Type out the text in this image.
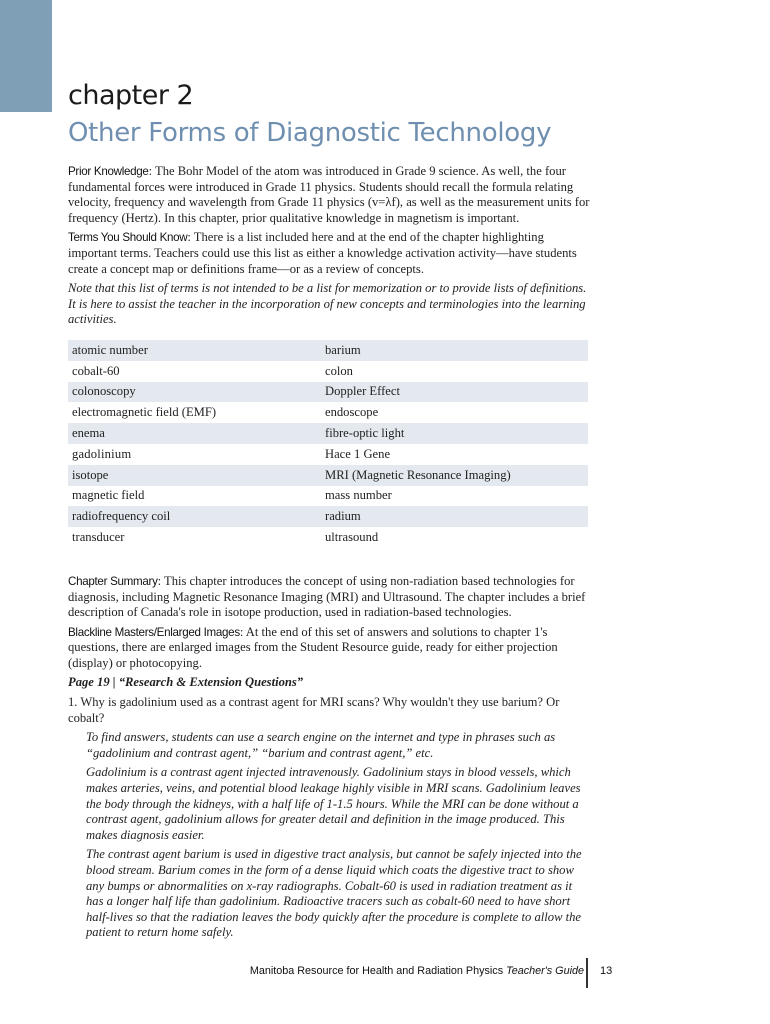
chapter 2
Other Forms of Diagnostic Technology

Prior Knowledge: The Bohr Model of the atom was introduced in Grade 9 science. As well, the four fundamental forces were introduced in Grade 11 physics. Students should recall the formula relating velocity, frequency and wavelength from Grade 11 physics (v=λf), as well as the measurement units for frequency (Hertz). In this chapter, prior qualitative knowledge in magnetism is important.

Terms You Should Know: There is a list included here and at the end of the chapter highlighting important terms. Teachers could use this list as either a knowledge activation activity—have students create a concept map or definitions frame—or as a review of concepts.

Note that this list of terms is not intended to be a list for memorization or to provide lists of definitions. It is here to assist the teacher in the incorporation of new concepts and terminologies into the learning activities.

atomic number	barium
cobalt-60	colon
colonoscopy	Doppler Effect
electromagnetic field (EMF)	endoscope
enema	fibre-optic light
gadolinium	Hace 1 Gene
isotope	MRI (Magnetic Resonance Imaging)
magnetic field	mass number
radiofrequency coil	radium
transducer	ultrasound

Chapter Summary: This chapter introduces the concept of using non-radiation based technologies for diagnosis, including Magnetic Resonance Imaging (MRI) and Ultrasound. The chapter includes a brief description of Canada's role in isotope production, used in radiation-based technologies.

Blackline Masters/Enlarged Images: At the end of this set of answers and solutions to chapter 1's questions, there are enlarged images from the Student Resource guide, ready for either projection (display) or photocopying.

Page 19 | “Research & Extension Questions”

1. Why is gadolinium used as a contrast agent for MRI scans? Why wouldn't they use barium? Or cobalt?

To find answers, students can use a search engine on the internet and type in phrases such as “gadolinium and contrast agent,” “barium and contrast agent,” etc.

Gadolinium is a contrast agent injected intravenously. Gadolinium stays in blood vessels, which makes arteries, veins, and potential blood leakage highly visible in MRI scans. Gadolinium leaves the body through the kidneys, with a half life of 1-1.5 hours. While the MRI can be done without a contrast agent, gadolinium allows for greater detail and definition in the image produced. This makes diagnosis easier.

The contrast agent barium is used in digestive tract analysis, but cannot be safely injected into the blood stream. Barium comes in the form of a dense liquid which coats the digestive tract to show any bumps or abnormalities on x-ray radiographs. Cobalt-60 is used in radiation treatment as it has a longer half life than gadolinium. Radioactive tracers such as cobalt-60 need to have short half-lives so that the radiation leaves the body quickly after the procedure is complete to allow the patient to return home safely.

Manitoba Resource for Health and Radiation Physics Teacher's Guide 13
